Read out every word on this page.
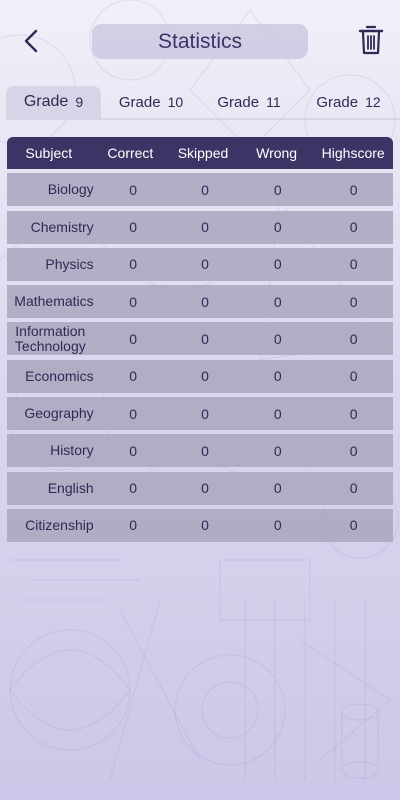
Statistics
Grade 9 Grade 10 Grade 11 Grade 12
Subject	Correct	Skipped	Wrong	Highscore
Biology	0	0	0	0
Chemistry	0	0	0	0
Physics	0	0	0	0
Mathematics	0	0	0	0
Information Technology	0	0	0	0
Economics	0	0	0	0
Geography	0	0	0	0
History	0	0	0	0
English	0	0	0	0
Citizenship	0	0	0	0
